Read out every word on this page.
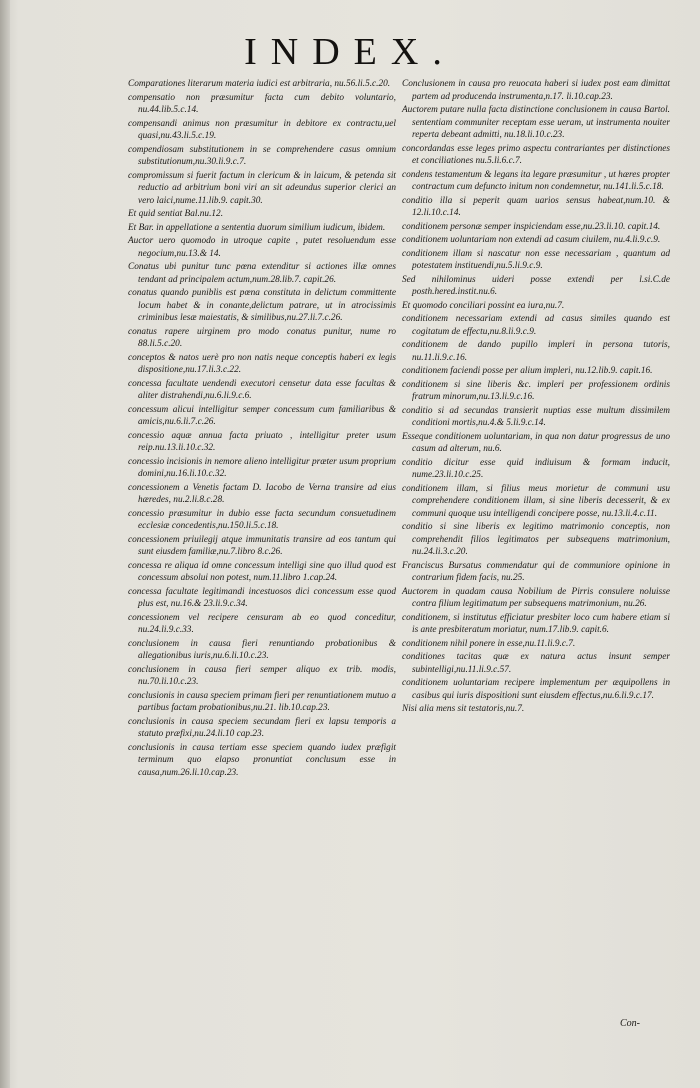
INDEX.

Comparationes literarum materia iudici est arbitraria, nu.56.li.5.c.20.

compensatio non præsumitur facta cum debito voluntario, nu.44.lib.5.c.14.

compensandi animus non præsumitur in debitore ex contractu,uel quasi,nu.43.li.5.c.19.

compendiosam substitutionem in se comprehendere casus omnium substitutionum,nu.30.li.9.c.7.

compromissum si fuerit factum in clericum & in laicum, & petenda sit reductio ad arbitrium boni viri an sit adeundus superior clerici an vero laici,nume.11.lib.9. capit.30.

Et quid sentiat Bal.nu.12.

Et Bar. in appellatione a sententia duorum similium iudicum, ibidem.

Auctor uero quomodo in utroque capite , putet resoluendum esse negocium,nu.13.& 14.

Conatus ubi punitur tunc pœna extenditur si actiones illæ omnes tendant ad principalem actum,num.28.lib.7. capit.26.

conatus quando puniblis est pœna constituta in delictum committente locum habet & in conante,delictum patrare, ut in atrocissimis criminibus lesæ maiestatis, & similibus,nu.27.li.7.c.26.

conatus rapere uirginem pro modo conatus punitur, nume ro 88.li.5.c.20.

conceptos & natos uerè pro non natis neque conceptis haberi ex legis dispositione,nu.17.li.3.c.22.

concessa facultate uendendi executori censetur data esse facultas & aliter distrahendi,nu.6.li.9.c.6.

concessum alicui intelligitur semper concessum cum familiaribus & amicis,nu.6.li.7.c.26.

concessio aquæ annua facta priuato , intelligitur preter usum reip.nu.13.li.10.c.32.

concessio incisionis in nemore alieno intelligitur præter usum proprium domini,nu.16.li.10.c.32.

concessionem a Venetis factam D. Iacobo de Verna transire ad eius hæredes, nu.2.li.8.c.28.

concessio præsumitur in dubio esse facta secundum consuetudinem ecclesiæ concedentis,nu.150.li.5.c.18.

concessionem priuilegij atque immunitatis transire ad eos tantum qui sunt eiusdem familiæ,nu.7.libro 8.c.26.

concessa re aliqua id omne concessum intelligi sine quo illud quod est concessum absolui non potest, num.11.libro 1.cap.24.

concessa facultate legitimandi incestuosos dici concessum esse quod plus est, nu.16.& 23.li.9.c.34.

concessionem vel recipere censuram ab eo quod conceditur, nu.24.li.9.c.33.

conclusionem in causa fieri renuntiando probationibus & allegationibus iuris,nu.6.li.10.c.23.

conclusionem in causa fieri semper aliquo ex trib. modis, nu.70.li.10.c.23.

conclusionis in causa speciem primam fieri per renuntiationem mutuo a partibus factam probationibus,nu.21. lib.10.cap.23.

conclusionis in causa speciem secundam fieri ex lapsu temporis a statuto præfixi,nu.24.li.10 cap.23.

conclusionis in causa tertiam esse speciem quando iudex præfigit terminum quo elapso pronuntiat conclusum esse in causa,num.26.li.10.cap.23.

Conclusionem in causa pro reuocata haberi si iudex post eam dimittat partem ad producenda instrumenta,n.17. li.10.cap.23.

Auctorem putare nulla facta distinctione conclusionem in causa Bartol. sententiam communiter receptam esse ueram, ut instrumenta nouiter reperta debeant admitti, nu.18.li.10.c.23.

concordandas esse leges primo aspectu contrariantes per distinctiones et conciliationes nu.5.li.6.c.7.

condens testamentum & legans ita legare præsumitur , ut hæres propter contractum cum defuncto initum non condemnetur, nu.141.li.5.c.18.

conditio illa si peperit quam uarios sensus habeat,num.10. & 12.li.10.c.14.

conditionem personæ semper inspiciendam esse,nu.23.li.10. capit.14.

conditionem uoluntariam non extendi ad casum ciuilem, nu.4.li.9.c.9.

conditionem illam si nascatur non esse necessariam , quantum ad potestatem instituendi,nu.5.li.9.c.9.

Sed nihilominus uideri posse extendi per l.si.C.de posth.hered.instit.nu.6.

Et quomodo conciliari possint ea iura,nu.7.

conditionem necessariam extendi ad casus similes quando est cogitatum de effectu,nu.8.li.9.c.9.

conditionem de dando pupillo impleri in persona tutoris, nu.11.li.9.c.16.

conditionem faciendi posse per alium impleri, nu.12.lib.9. capit.16.

conditionem si sine liberis &c. impleri per professionem ordinis fratrum minorum,nu.13.li.9.c.16.

conditio si ad secundas transierit nuptias esse multum dissimilem conditioni mortis,nu.4.& 5.li.9.c.14.

Esseque conditionem uoluntariam, in qua non datur progressus de uno casum ad alterum, nu.6.

conditio dicitur esse quid indiuisum & formam inducit, nume.23.li.10.c.25.

conditionem illam, si filius meus morietur de communi usu comprehendere conditionem illam, si sine liberis decesserit, & ex communi quoque usu intelligendi concipere posse, nu.13.li.4.c.11.

conditio si sine liberis ex legitimo matrimonio conceptis, non comprehendit filios legitimatos per subsequens matrimonium, nu.24.li.3.c.20.

Franciscus Bursatus commendatur qui de communiore opinione in contrarium fidem facis, nu.25.

Auctorem in quadam causa Nobilium de Pirris consulere noluisse contra filium legitimatum per subsequens matrimonium, nu.26.

conditionem, si institutus efficiatur presbiter loco cum habere etiam si is ante presbiteratum moriatur, num.17.lib.9. capit.6.

conditionem nihil ponere in esse,nu.11.li.9.c.7.

conditiones tacitas quæ ex natura actus insunt semper subintelligi,nu.11.li.9.c.57.

conditionem uoluntariam recipere implementum per æquipollens in casibus qui iuris dispositioni sunt eiusdem effectus,nu.6.li.9.c.17.

Nisi alia mens sit testatoris,nu.7.

Con-
